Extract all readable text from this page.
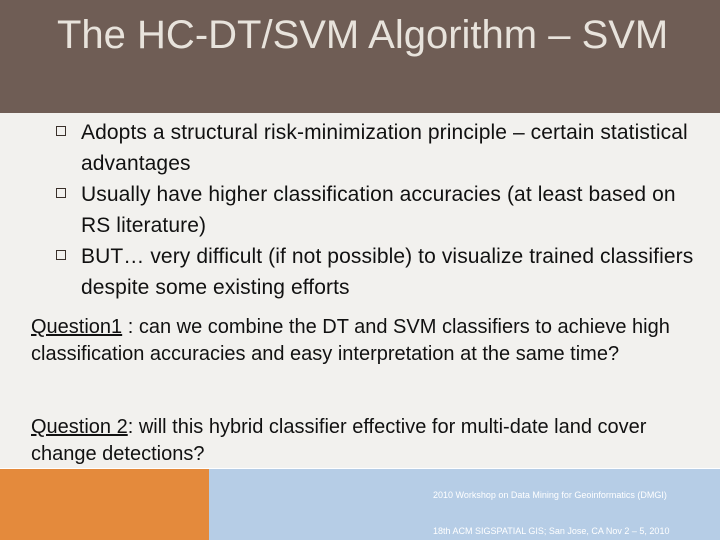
The HC-DT/SVM Algorithm – SVM
Adopts a structural risk-minimization principle – certain statistical advantages
Usually have higher classification accuracies (at least based on RS literature)
BUT… very difficult (if not possible) to visualize trained classifiers despite some existing efforts

Question1 : can we combine the DT and SVM classifiers to achieve high classification accuracies and easy interpretation at the same time?

Question 2: will this hybrid classifier effective for multi-date land cover change detections?

2010 Workshop on Data Mining for Geoinformatics (DMGI)
18th ACM SIGSPATIAL GIS; San Jose, CA Nov 2 – 5, 2010
